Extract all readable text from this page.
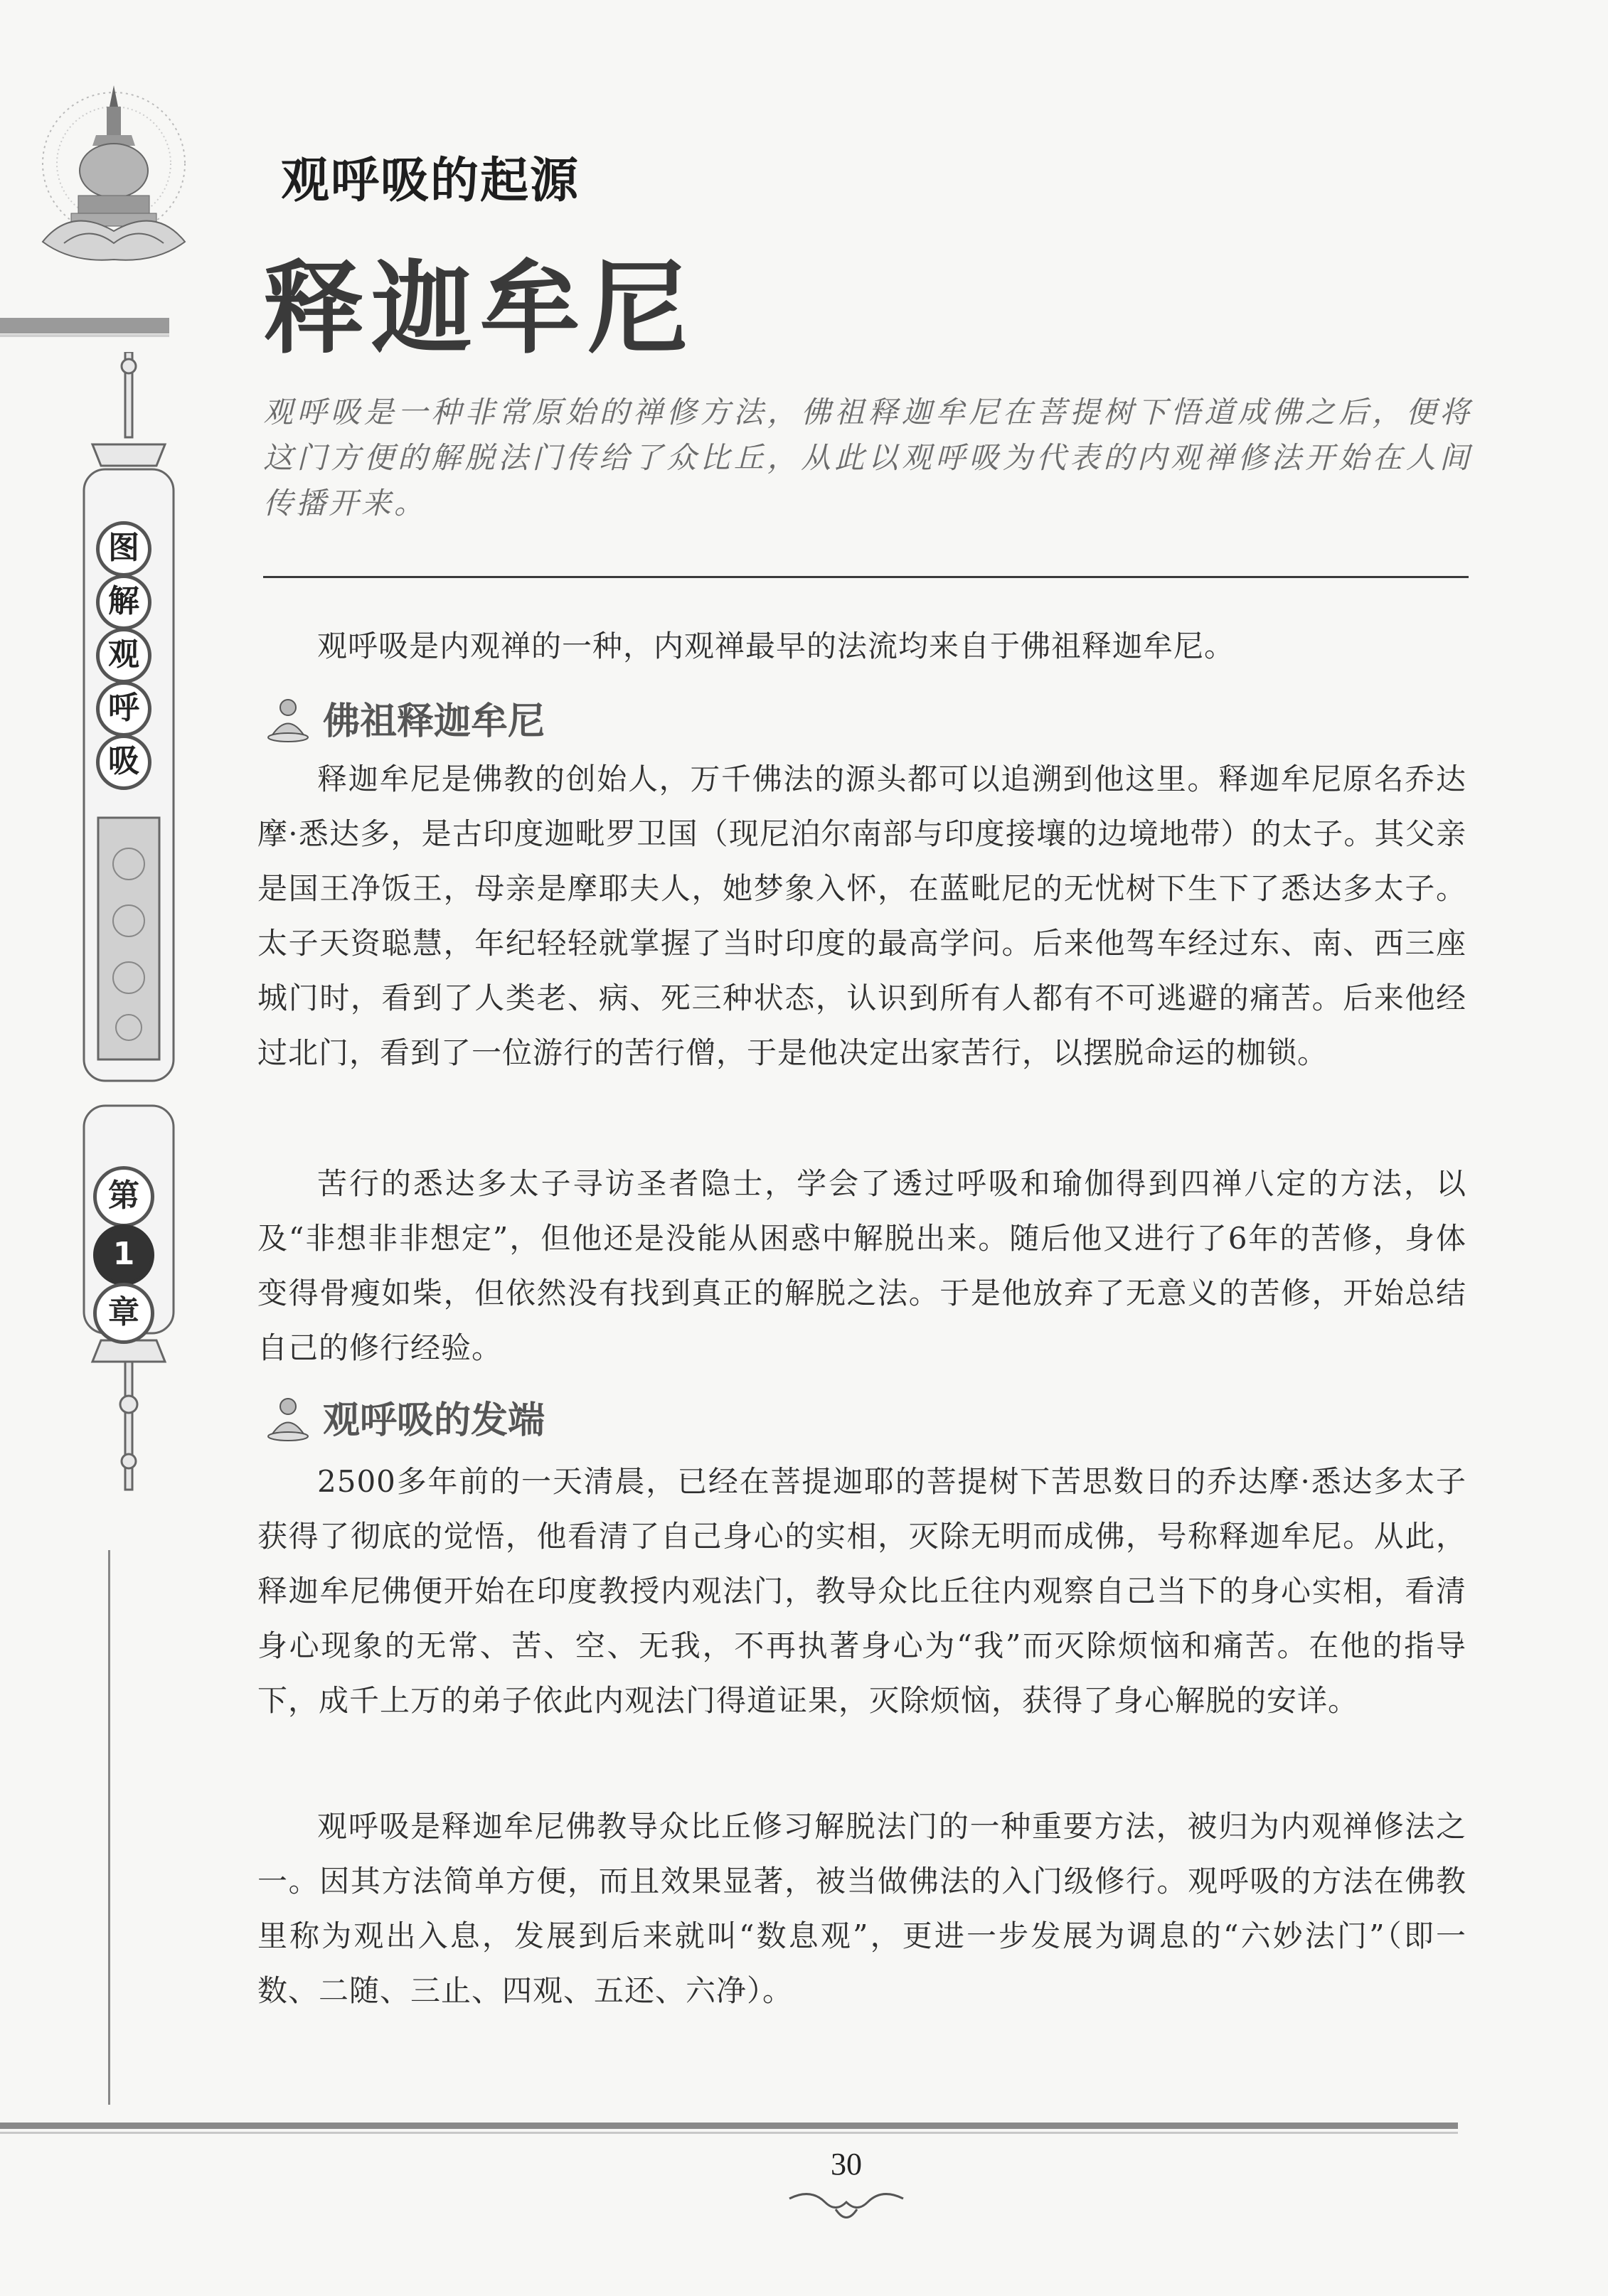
图
解
观
呼
吸
第
1
章
观呼吸的起源
释迦牟尼
观呼吸是一种非常原始的禅修方法，佛祖释迦牟尼在菩提树下悟道成佛之后，便将这门方便的解脱法门传给了众比丘，从此以观呼吸为代表的内观禅修法开始在人间传播开来。
观呼吸是内观禅的一种，内观禅最早的法流均来自于佛祖释迦牟尼。
佛祖释迦牟尼
释迦牟尼是佛教的创始人，万千佛法的源头都可以追溯到他这里。释迦牟尼原名乔达摩·悉达多，是古印度迦毗罗卫国（现尼泊尔南部与印度接壤的边境地带）的太子。其父亲是国王净饭王，母亲是摩耶夫人，她梦象入怀，在蓝毗尼的无忧树下生下了悉达多太子。太子天资聪慧，年纪轻轻就掌握了当时印度的最高学问。后来他驾车经过东、南、西三座城门时，看到了人类老、病、死三种状态，认识到所有人都有不可逃避的痛苦。后来他经过北门，看到了一位游行的苦行僧，于是他决定出家苦行，以摆脱命运的枷锁。
苦行的悉达多太子寻访圣者隐士，学会了透过呼吸和瑜伽得到四禅八定的方法，以及“非想非非想定”，但他还是没能从困惑中解脱出来。随后他又进行了6年的苦修，身体变得骨瘦如柴，但依然没有找到真正的解脱之法。于是他放弃了无意义的苦修，开始总结自己的修行经验。
观呼吸的发端
2500多年前的一天清晨，已经在菩提迦耶的菩提树下苦思数日的乔达摩·悉达多太子获得了彻底的觉悟，他看清了自己身心的实相，灭除无明而成佛，号称释迦牟尼。从此，释迦牟尼佛便开始在印度教授内观法门，教导众比丘往内观察自己当下的身心实相，看清身心现象的无常、苦、空、无我，不再执著身心为“我”而灭除烦恼和痛苦。在他的指导下，成千上万的弟子依此内观法门得道证果，灭除烦恼，获得了身心解脱的安详。
观呼吸是释迦牟尼佛教导众比丘修习解脱法门的一种重要方法，被归为内观禅修法之一。因其方法简单方便，而且效果显著，被当做佛法的入门级修行。观呼吸的方法在佛教里称为观出入息，发展到后来就叫“数息观”，更进一步发展为调息的“六妙法门”（即一数、二随、三止、四观、五还、六净）。
30
